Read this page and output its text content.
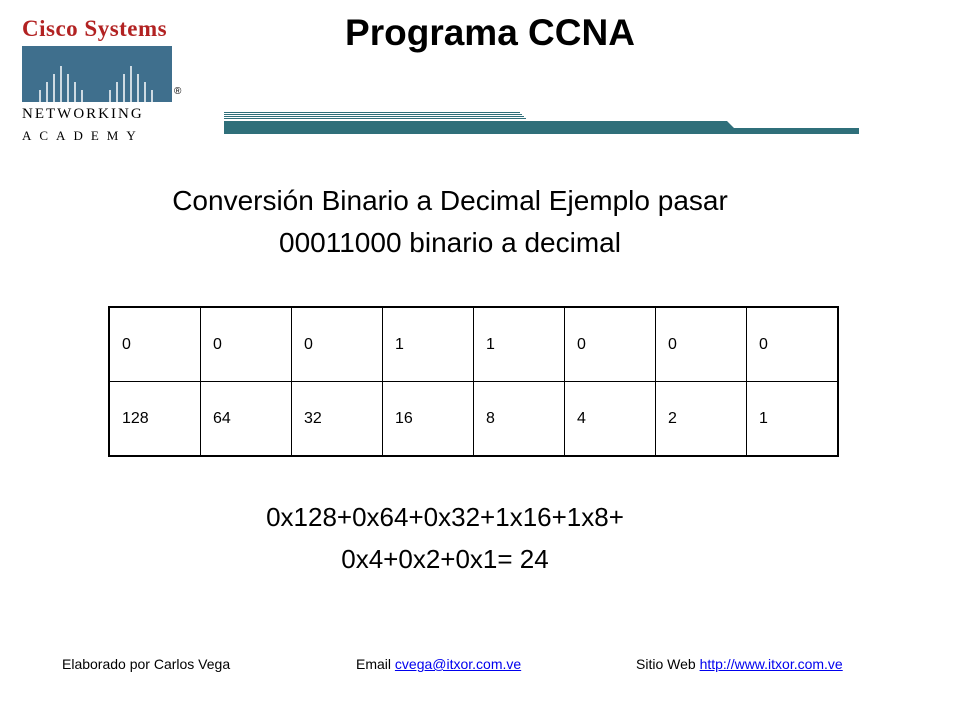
Cisco Systems
®
NETWORKING
ACADEMY
Programa CCNA
Conversión Binario a Decimal Ejemplo pasar
00011000 binario a decimal
0	0	0	1	1	0	0	0
128	64	32	16	8	4	2	1
0x128+0x64+0x32+1x16+1x8+
0x4+0x2+0x1= 24
Elaborado por Carlos Vega	Email cvega@itxor.com.ve	Sitio Web http://www.itxor.com.ve
